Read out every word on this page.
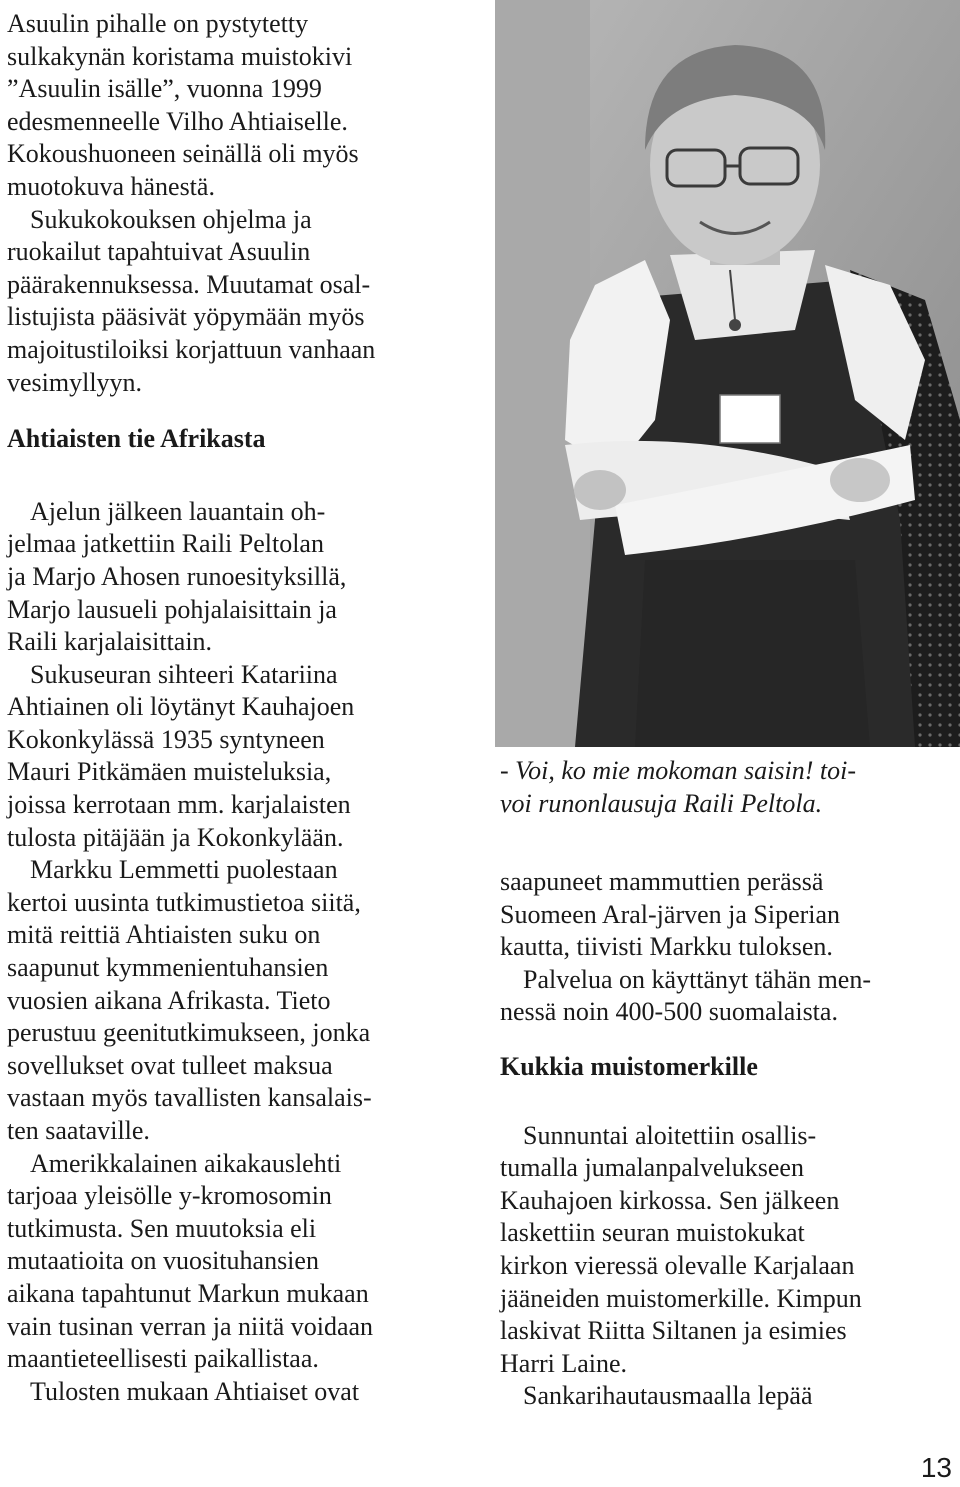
Asuulin pihalle on pystytetty
sulkakynän koristama muistokivi
”Asuulin isälle”, vuonna 1999
edesmenneelle Vilho Ahtiaiselle.
Kokoushuoneen seinällä oli myös
muotokuva hänestä.
Sukukokouksen ohjelma ja
ruokailut tapahtuivat Asuulin
päärakennuksessa. Muutamat osal-
listujista pääsivät yöpymään myös
majoitustiloiksi korjattuun vanhaan
vesimyllyyn.
Ahtiaisten tie Afrikasta
Ajelun jälkeen lauantain oh-
jelmaa jatkettiin Raili Peltolan
ja Marjo Ahosen runoesityksillä,
Marjo lausueli pohjalaisittain ja
Raili karjalaisittain.
Sukuseuran sihteeri Katariina
Ahtiainen oli löytänyt Kauhajoen
Kokonkylässä 1935 syntyneen
Mauri Pitkämäen muisteluksia,
joissa kerrotaan mm. karjalaisten
tulosta pitäjään ja Kokonkylään.
Markku Lemmetti puolestaan
kertoi uusinta tutkimustietoa siitä,
mitä reittiä Ahtiaisten suku on
saapunut kymmenientuhansien
vuosien aikana Afrikasta. Tieto
perustuu geenitutkimukseen, jonka
sovellukset ovat tulleet maksua
vastaan myös tavallisten kansalais-
ten saataville.
Amerikkalainen aikakauslehti
tarjoaa yleisölle y-kromosomin
tutkimusta. Sen muutoksia eli
mutaatioita on vuosituhansien
aikana tapahtunut Markun mukaan
vain tusinan verran ja niitä voidaan
maantieteellisesti paikallistaa.
Tulosten mukaan Ahtiaiset ovat
- Voi, ko mie mokoman saisin! toi-
voi runonlausuja Raili Peltola.
saapuneet mammuttien perässä
Suomeen Aral-järven ja Siperian
kautta, tiivisti Markku tuloksen.
Palvelua on käyttänyt tähän men-
nessä noin 400-500 suomalaista.
Kukkia muistomerkille
Sunnuntai aloitettiin osallis-
tumalla jumalanpalvelukseen
Kauhajoen kirkossa. Sen jälkeen
laskettiin seuran muistokukat
kirkon vieressä olevalle Karjalaan
jääneiden muistomerkille. Kimpun
laskivat Riitta Siltanen ja esimies
Harri Laine.
Sankarihautausmaalla lepää
13
